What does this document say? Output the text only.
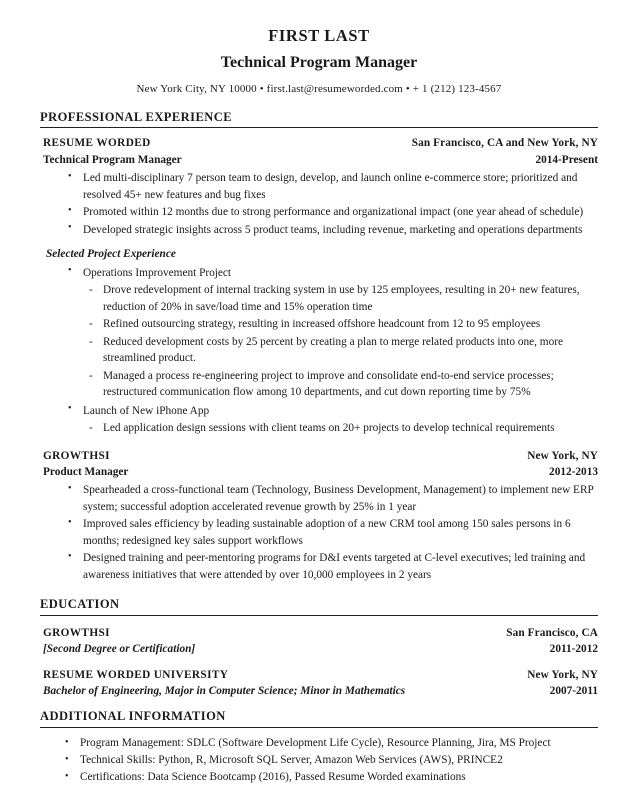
FIRST LAST
Technical Program Manager
New York City, NY 10000 • first.last@resumeworded.com • + 1 (212) 123-4567
PROFESSIONAL EXPERIENCE
RESUME WORDED	San Francisco, CA and New York, NY
Technical Program Manager	2014-Present
• Led multi-disciplinary 7 person team to design, develop, and launch online e-commerce store; prioritized and resolved 45+ new features and bug fixes
• Promoted within 12 months due to strong performance and organizational impact (one year ahead of schedule)
• Developed strategic insights across 5 product teams, including revenue, marketing and operations departments
Selected Project Experience
• Operations Improvement Project
- Drove redevelopment of internal tracking system in use by 125 employees, resulting in 20+ new features, reduction of 20% in save/load time and 15% operation time
- Refined outsourcing strategy, resulting in increased offshore headcount from 12 to 95 employees
- Reduced development costs by 25 percent by creating a plan to merge related products into one, more streamlined product.
- Managed a process re-engineering project to improve and consolidate end-to-end service processes; restructured communication flow among 10 departments, and cut down reporting time by 75%
• Launch of New iPhone App
- Led application design sessions with client teams on 20+ projects to develop technical requirements
GROWTHSI	New York, NY
Product Manager	2012-2013
• Spearheaded a cross-functional team (Technology, Business Development, Management) to implement new ERP system; successful adoption accelerated revenue growth by 25% in 1 year
• Improved sales efficiency by leading sustainable adoption of a new CRM tool among 150 sales persons in 6 months; redesigned key sales support workflows
• Designed training and peer-mentoring programs for D&I events targeted at C-level executives; led training and awareness initiatives that were attended by over 10,000 employees in 2 years
EDUCATION
GROWTHSI	San Francisco, CA
[Second Degree or Certification]	2011-2012
RESUME WORDED UNIVERSITY	New York, NY
Bachelor of Engineering, Major in Computer Science; Minor in Mathematics	2007-2011
ADDITIONAL INFORMATION
• Program Management: SDLC (Software Development Life Cycle), Resource Planning, Jira, MS Project
• Technical Skills: Python, R, Microsoft SQL Server, Amazon Web Services (AWS), PRINCE2
• Certifications: Data Science Bootcamp (2016), Passed Resume Worded examinations
